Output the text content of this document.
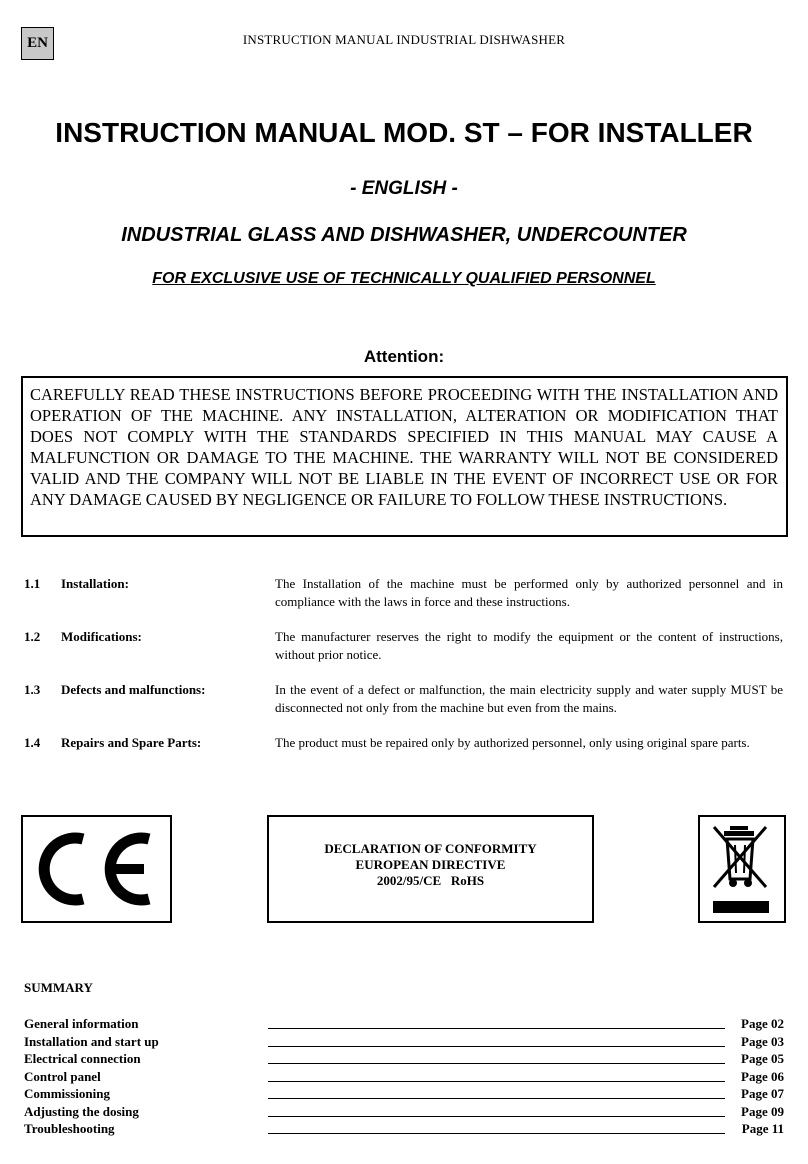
EN	INSTRUCTION MANUAL INDUSTRIAL DISHWASHER
INSTRUCTION MANUAL MOD. ST – FOR INSTALLER
- ENGLISH -
INDUSTRIAL GLASS AND DISHWASHER, UNDERCOUNTER
FOR EXCLUSIVE USE OF TECHNICALLY QUALIFIED PERSONNEL
Attention:
CAREFULLY READ THESE INSTRUCTIONS BEFORE PROCEEDING WITH THE INSTALLATION AND OPERATION OF THE MACHINE. ANY INSTALLATION, ALTERATION OR MODIFICATION THAT DOES NOT COMPLY WITH THE STANDARDS SPECIFIED IN THIS MANUAL MAY CAUSE A MALFUNCTION OR DAMAGE TO THE MACHINE. THE WARRANTY WILL NOT BE CONSIDERED VALID AND THE COMPANY WILL NOT BE LIABLE IN THE EVENT OF INCORRECT USE OR FOR ANY DAMAGE CAUSED BY NEGLIGENCE OR FAILURE TO FOLLOW THESE INSTRUCTIONS.
1.1 Installation:	The Installation of the machine must be performed only by authorized personnel and in compliance with the laws in force and these instructions.
1.2 Modifications:	The manufacturer reserves the right to modify the equipment or the content of instructions, without prior notice.
1.3 Defects and malfunctions:	In the event of a defect or malfunction, the main electricity supply and water supply MUST be disconnected not only from the machine but even from the mains.
1.4 Repairs and Spare Parts:	The product must be repaired only by authorized personnel, only using original spare parts.
DECLARATION OF CONFORMITY
EUROPEAN DIRECTIVE
2002/95/CE   RoHS
SUMMARY
General information	Page 02
Installation and start up	Page 03
Electrical connection	Page 05
Control panel	Page 06
Commissioning	Page 07
Adjusting the dosing	Page 09
Troubleshooting	Page 11
